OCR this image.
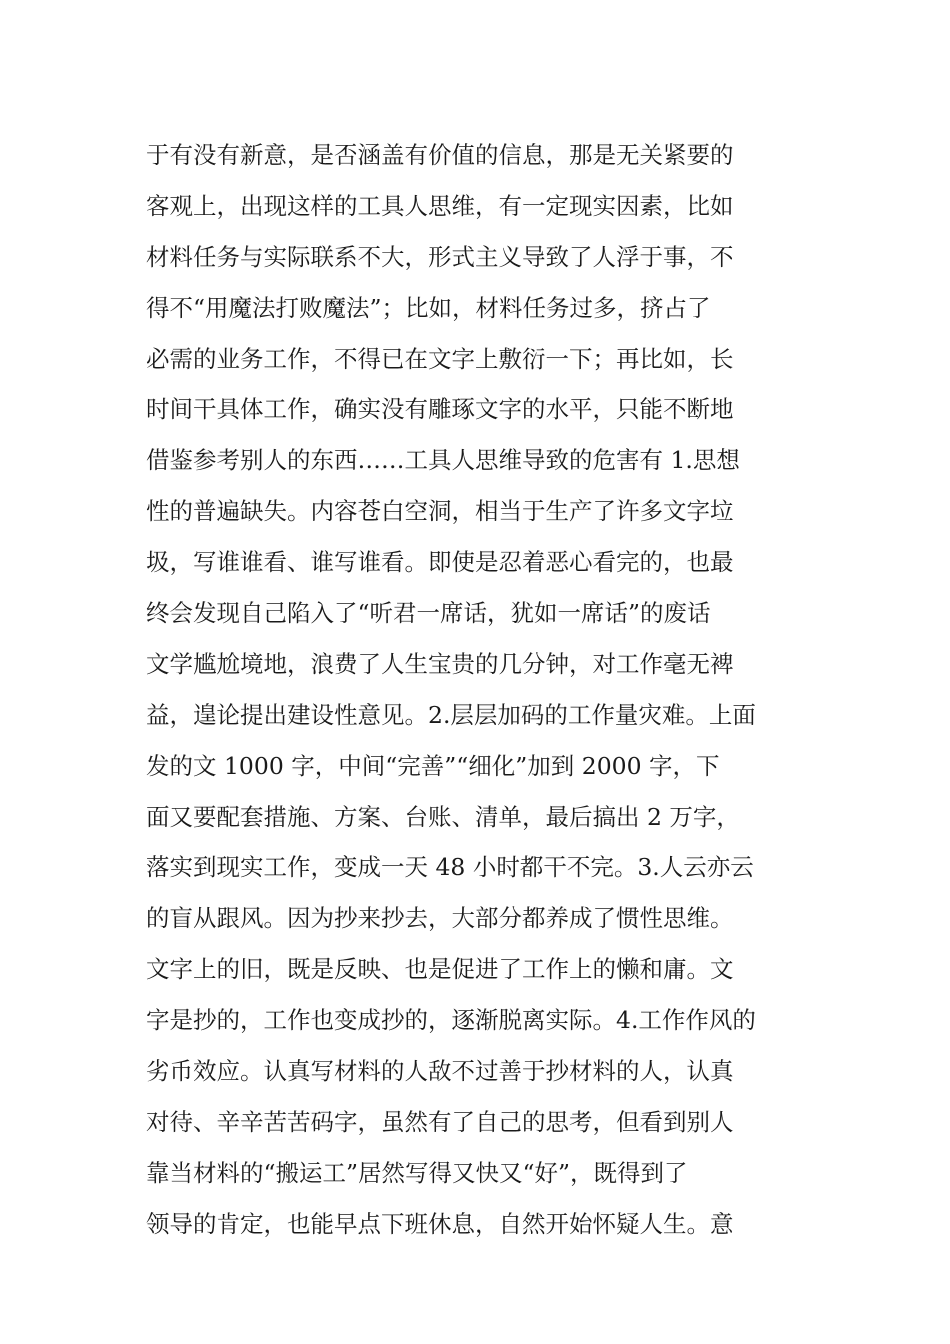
于有没有新意，是否涵盖有价值的信息，那是无关紧要的
客观上，出现这样的工具人思维，有一定现实因素，比如
材料任务与实际联系不大，形式主义导致了人浮于事，不
得不“用魔法打败魔法”；比如，材料任务过多，挤占了
必需的业务工作，不得已在文字上敷衍一下；再比如，长
时间干具体工作，确实没有雕琢文字的水平，只能不断地
借鉴参考别人的东西……工具人思维导致的危害有 1.思想
性的普遍缺失。内容苍白空洞，相当于生产了许多文字垃
圾，写谁谁看、谁写谁看。即使是忍着恶心看完的，也最
终会发现自己陷入了“听君一席话，犹如一席话”的废话
文学尴尬境地，浪费了人生宝贵的几分钟，对工作毫无裨
益，遑论提出建设性意见。2.层层加码的工作量灾难。上面
发的文 1000 字，中间“完善”“细化”加到 2000 字，下
面又要配套措施、方案、台账、清单，最后搞出 2 万字，
落实到现实工作，变成一天 48 小时都干不完。3.人云亦云
的盲从跟风。因为抄来抄去，大部分都养成了惯性思维。
文字上的旧，既是反映、也是促进了工作上的懒和庸。文
字是抄的，工作也变成抄的，逐渐脱离实际。4.工作作风的
劣币效应。认真写材料的人敌不过善于抄材料的人，认真
对待、辛辛苦苦码字，虽然有了自己的思考，但看到别人
靠当材料的“搬运工”居然写得又快又“好”，既得到了
领导的肯定，也能早点下班休息，自然开始怀疑人生。意
